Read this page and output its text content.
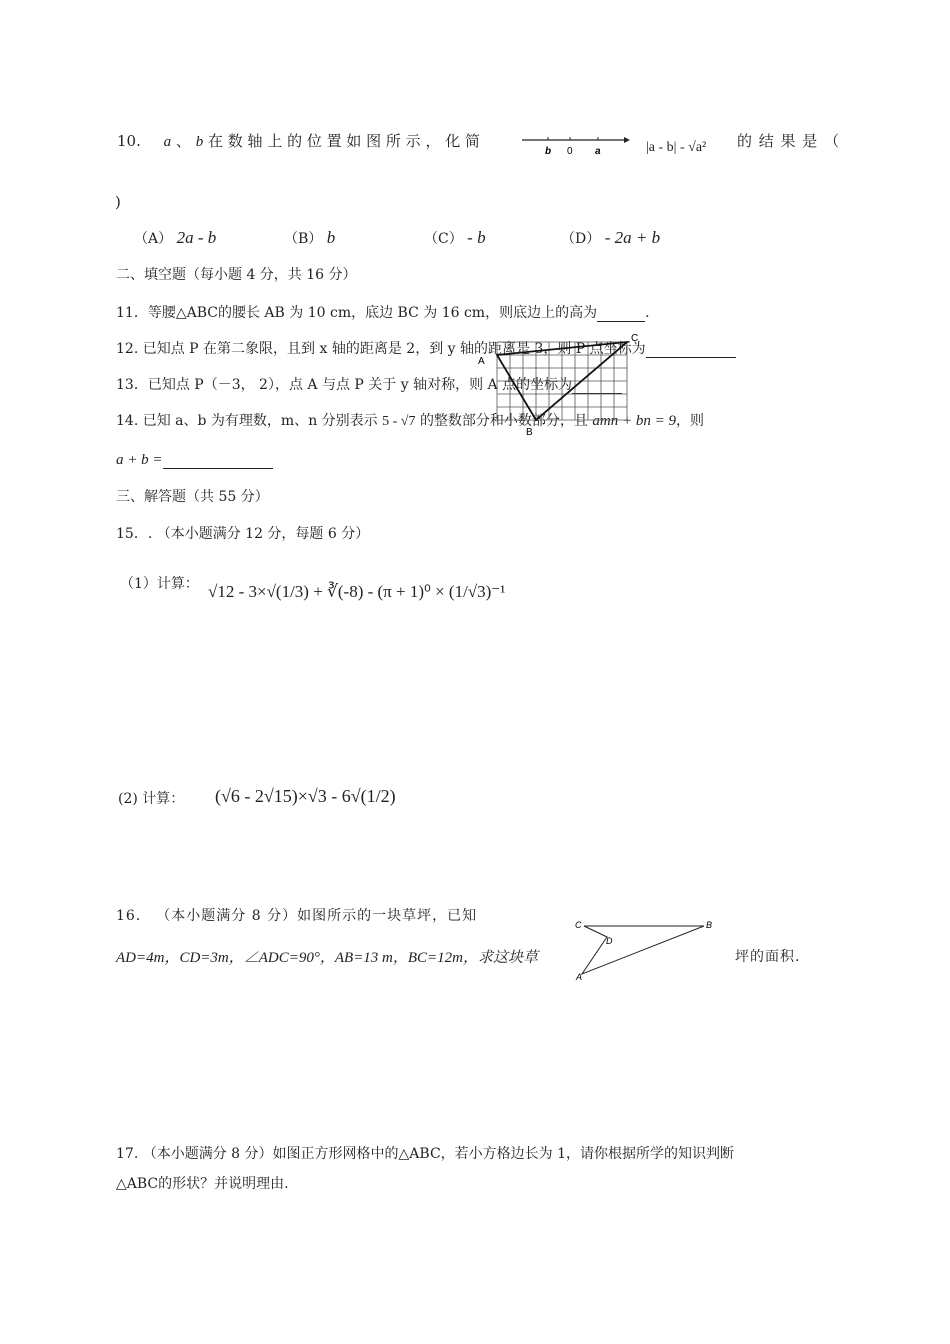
10. a 、 b 在 数 轴 上 的 位 置 如 图 所 示 ， 化 简
b 0 a	|a - b| - √a² 的 结 果 是 （
)
（A） 2a - b	（B） b	（C） - b	（D） - 2a + b
二、填空题（每小题 4 分，共 16 分）
11．等腰△ABC的腰长 AB 为 10 cm，底边 BC 为 16 cm，则底边上的高为	.
12. 已知点 P 在第二象限，且到 x 轴的距离是 2，到 y 轴的距离是 3，则 P 点坐标为
13．已知点 P（－3， 2），点 A 与点 P 关于 y 轴对称，则 A 点的坐标为
14. 已知 a、b 为有理数，m、n 分别表示 5 - √7 的整数部分和小数部分，且 amn + bn = 9，则
a + b =
A
B
C
三、解答题（共 55 分）
15．. （本小题满分 12 分，每题 6 分）
（1）计算： √12 - 3×√(1/3) + ∛(-8) - (π + 1)⁰ × (1/√3)⁻¹
(2) 计算： (√6 - 2√15)×√3 - 6√(1/2)
16． （本小题满分 8 分）如图所示的一块草坪，已知
AD=4m，CD=3m，∠ADC=90°，AB=13 m，BC=12m，求这块草
C	B
D
A
坪的面积.
17. （本小题满分 8 分）如图正方形网格中的△ABC，若小方格边长为 1，请你根据所学的知识判断
△ABC的形状？并说明理由.
